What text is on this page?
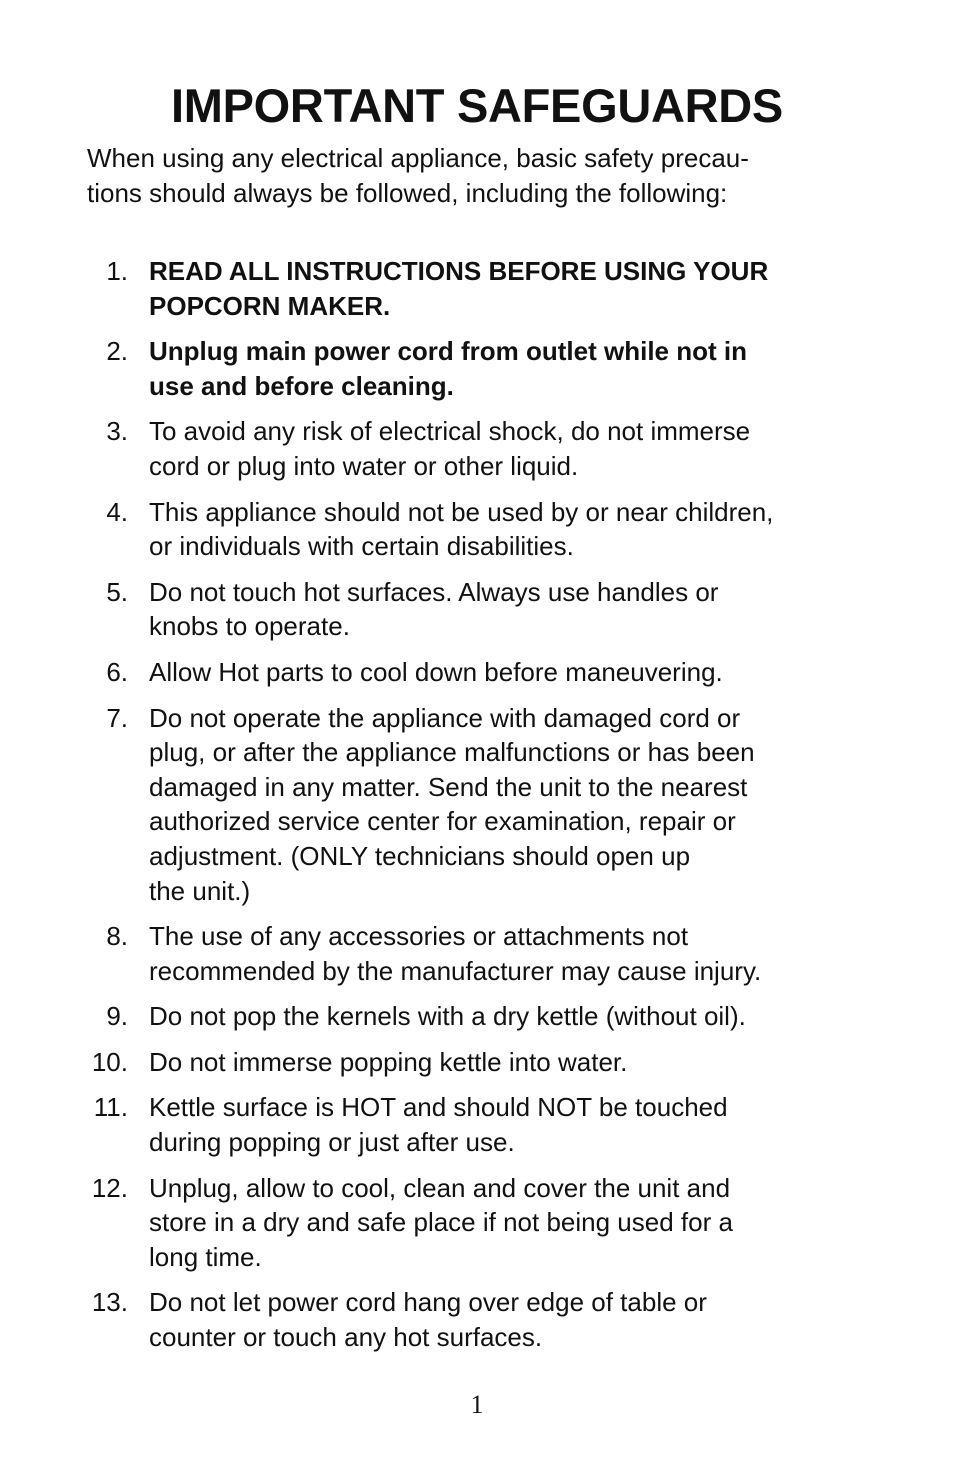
IMPORTANT SAFEGUARDS

When using any electrical appliance, basic safety precau-
tions should always be followed, including the following:

1. READ ALL INSTRUCTIONS BEFORE USING YOUR
POPCORN MAKER.
2. Unplug main power cord from outlet while not in
use and before cleaning.
3. To avoid any risk of electrical shock, do not immerse
cord or plug into water or other liquid.
4. This appliance should not be used by or near children,
or individuals with certain disabilities.
5. Do not touch hot surfaces. Always use handles or
knobs to operate.
6. Allow Hot parts to cool down before maneuvering.
7. Do not operate the appliance with damaged cord or
plug, or after the appliance malfunctions or has been
damaged in any matter. Send the unit to the nearest
authorized service center for examination, repair or
adjustment. (ONLY technicians should open up
the unit.)
8. The use of any accessories or attachments not
recommended by the manufacturer may cause injury.
9. Do not pop the kernels with a dry kettle (without oil).
10. Do not immerse popping kettle into water.
11. Kettle surface is HOT and should NOT be touched
during popping or just after use.
12. Unplug, allow to cool, clean and cover the unit and
store in a dry and safe place if not being used for a
long time.
13. Do not let power cord hang over edge of table or
counter or touch any hot surfaces.
1
